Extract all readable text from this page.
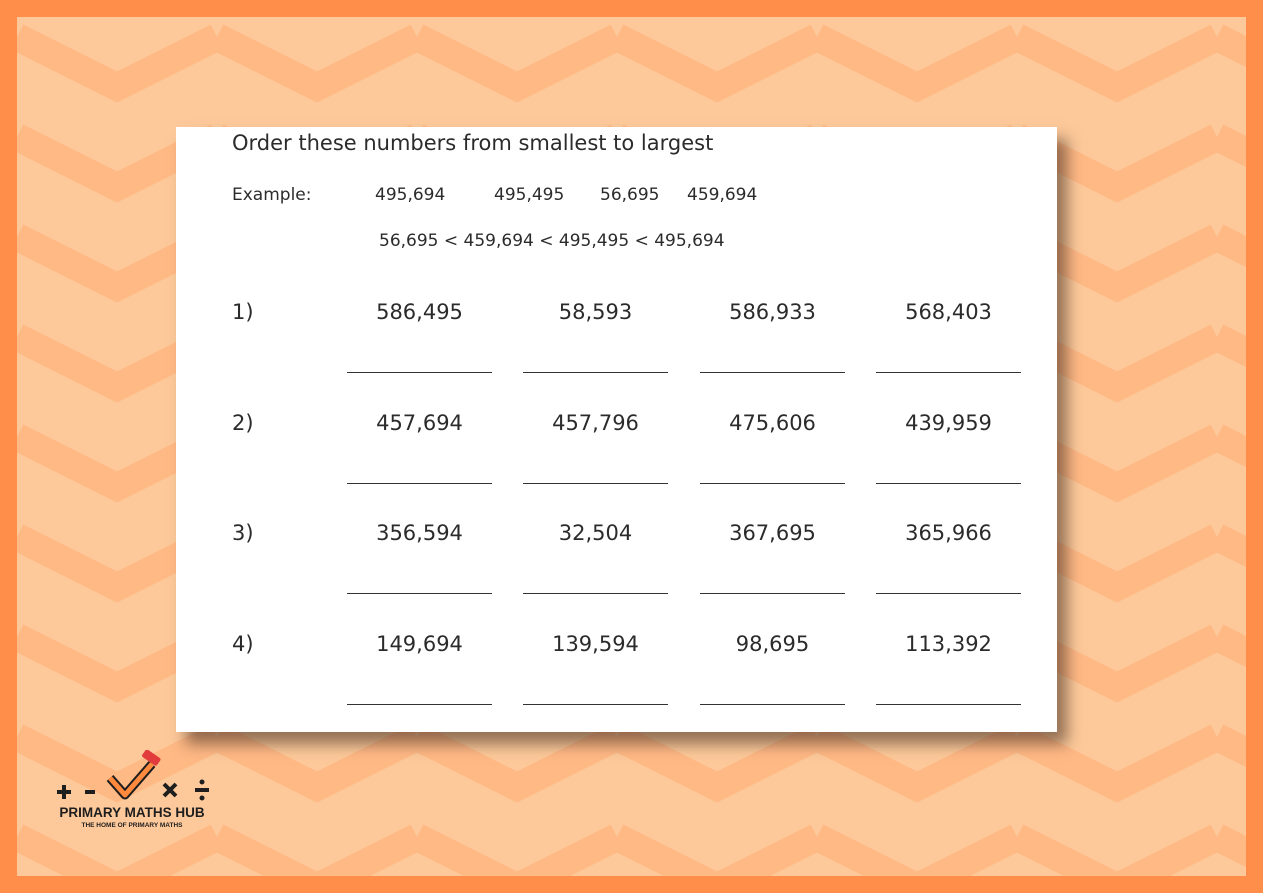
Order these numbers from smallest to largest
Example:	495,694	495,495 56,695 459,694
56,695 < 459,694 < 495,495 < 495,694
1)	586,495	58,593	586,933	568,403
2)	457,694	457,796	475,606	439,959
3)	356,594	32,504	367,695	365,966
4)	149,694	139,594	98,695	113,392
PRIMARY MATHS HUB
THE HOME OF PRIMARY MATHS
